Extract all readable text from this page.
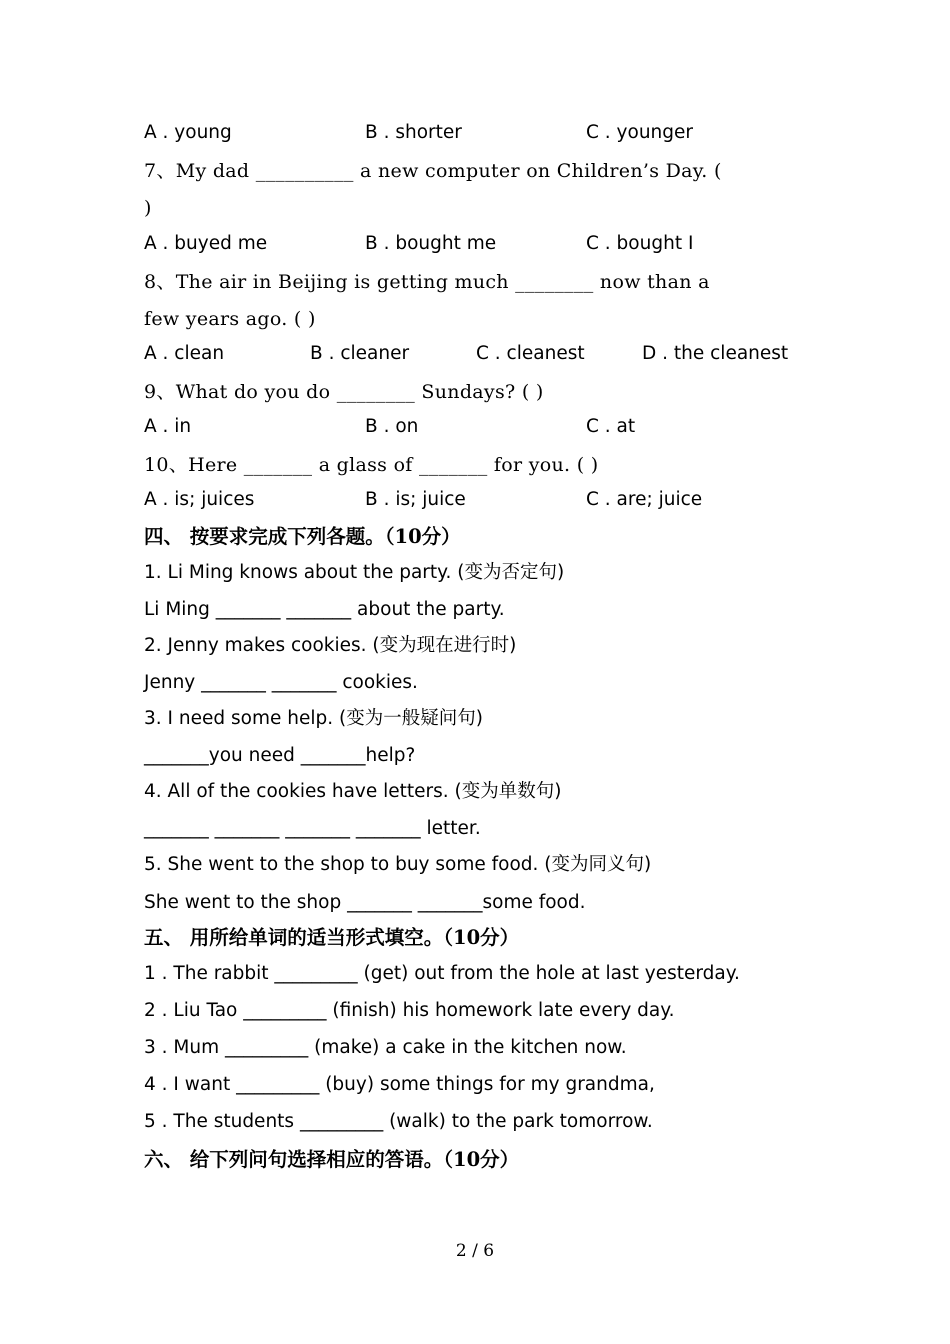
A . young	B . shorter	C . younger
7、My dad __________ a new computer on Children’s Day. (
)
A . buyed me	B . bought me	C . bought I
8、The air in Beijing is getting much ________ now than a
few years ago. ( )
A . clean	B . cleaner	C . cleanest	D . the cleanest
9、What do you do ________ Sundays? ( )
A . in	B . on	C . at
10、Here _______ a glass of _______ for you. ( )
A . is; juices	B . is; juice	C . are; juice
四、 按要求完成下列各题。（10分）
1. Li Ming knows about the party. (变为否定句)
Li Ming _______ _______ about the party.
2. Jenny makes cookies. (变为现在进行时)
Jenny _______ _______ cookies.
3. I need some help. (变为一般疑问句)
_______you need _______help?
4. All of the cookies have letters. (变为单数句)
_______ _______ _______ _______ letter.
5. She went to the shop to buy some food. (变为同义句)
She went to the shop _______ _______some food.
五、 用所给单词的适当形式填空。（10分）
1 . The rabbit _________ (get) out from the hole at last yesterday.
2 . Liu Tao _________ (finish) his homework late every day.
3 . Mum _________ (make) a cake in the kitchen now.
4 . I want _________ (buy) some things for my grandma,
5 . The students _________ (walk) to the park tomorrow.
六、 给下列问句选择相应的答语。（10分）
2 / 6
